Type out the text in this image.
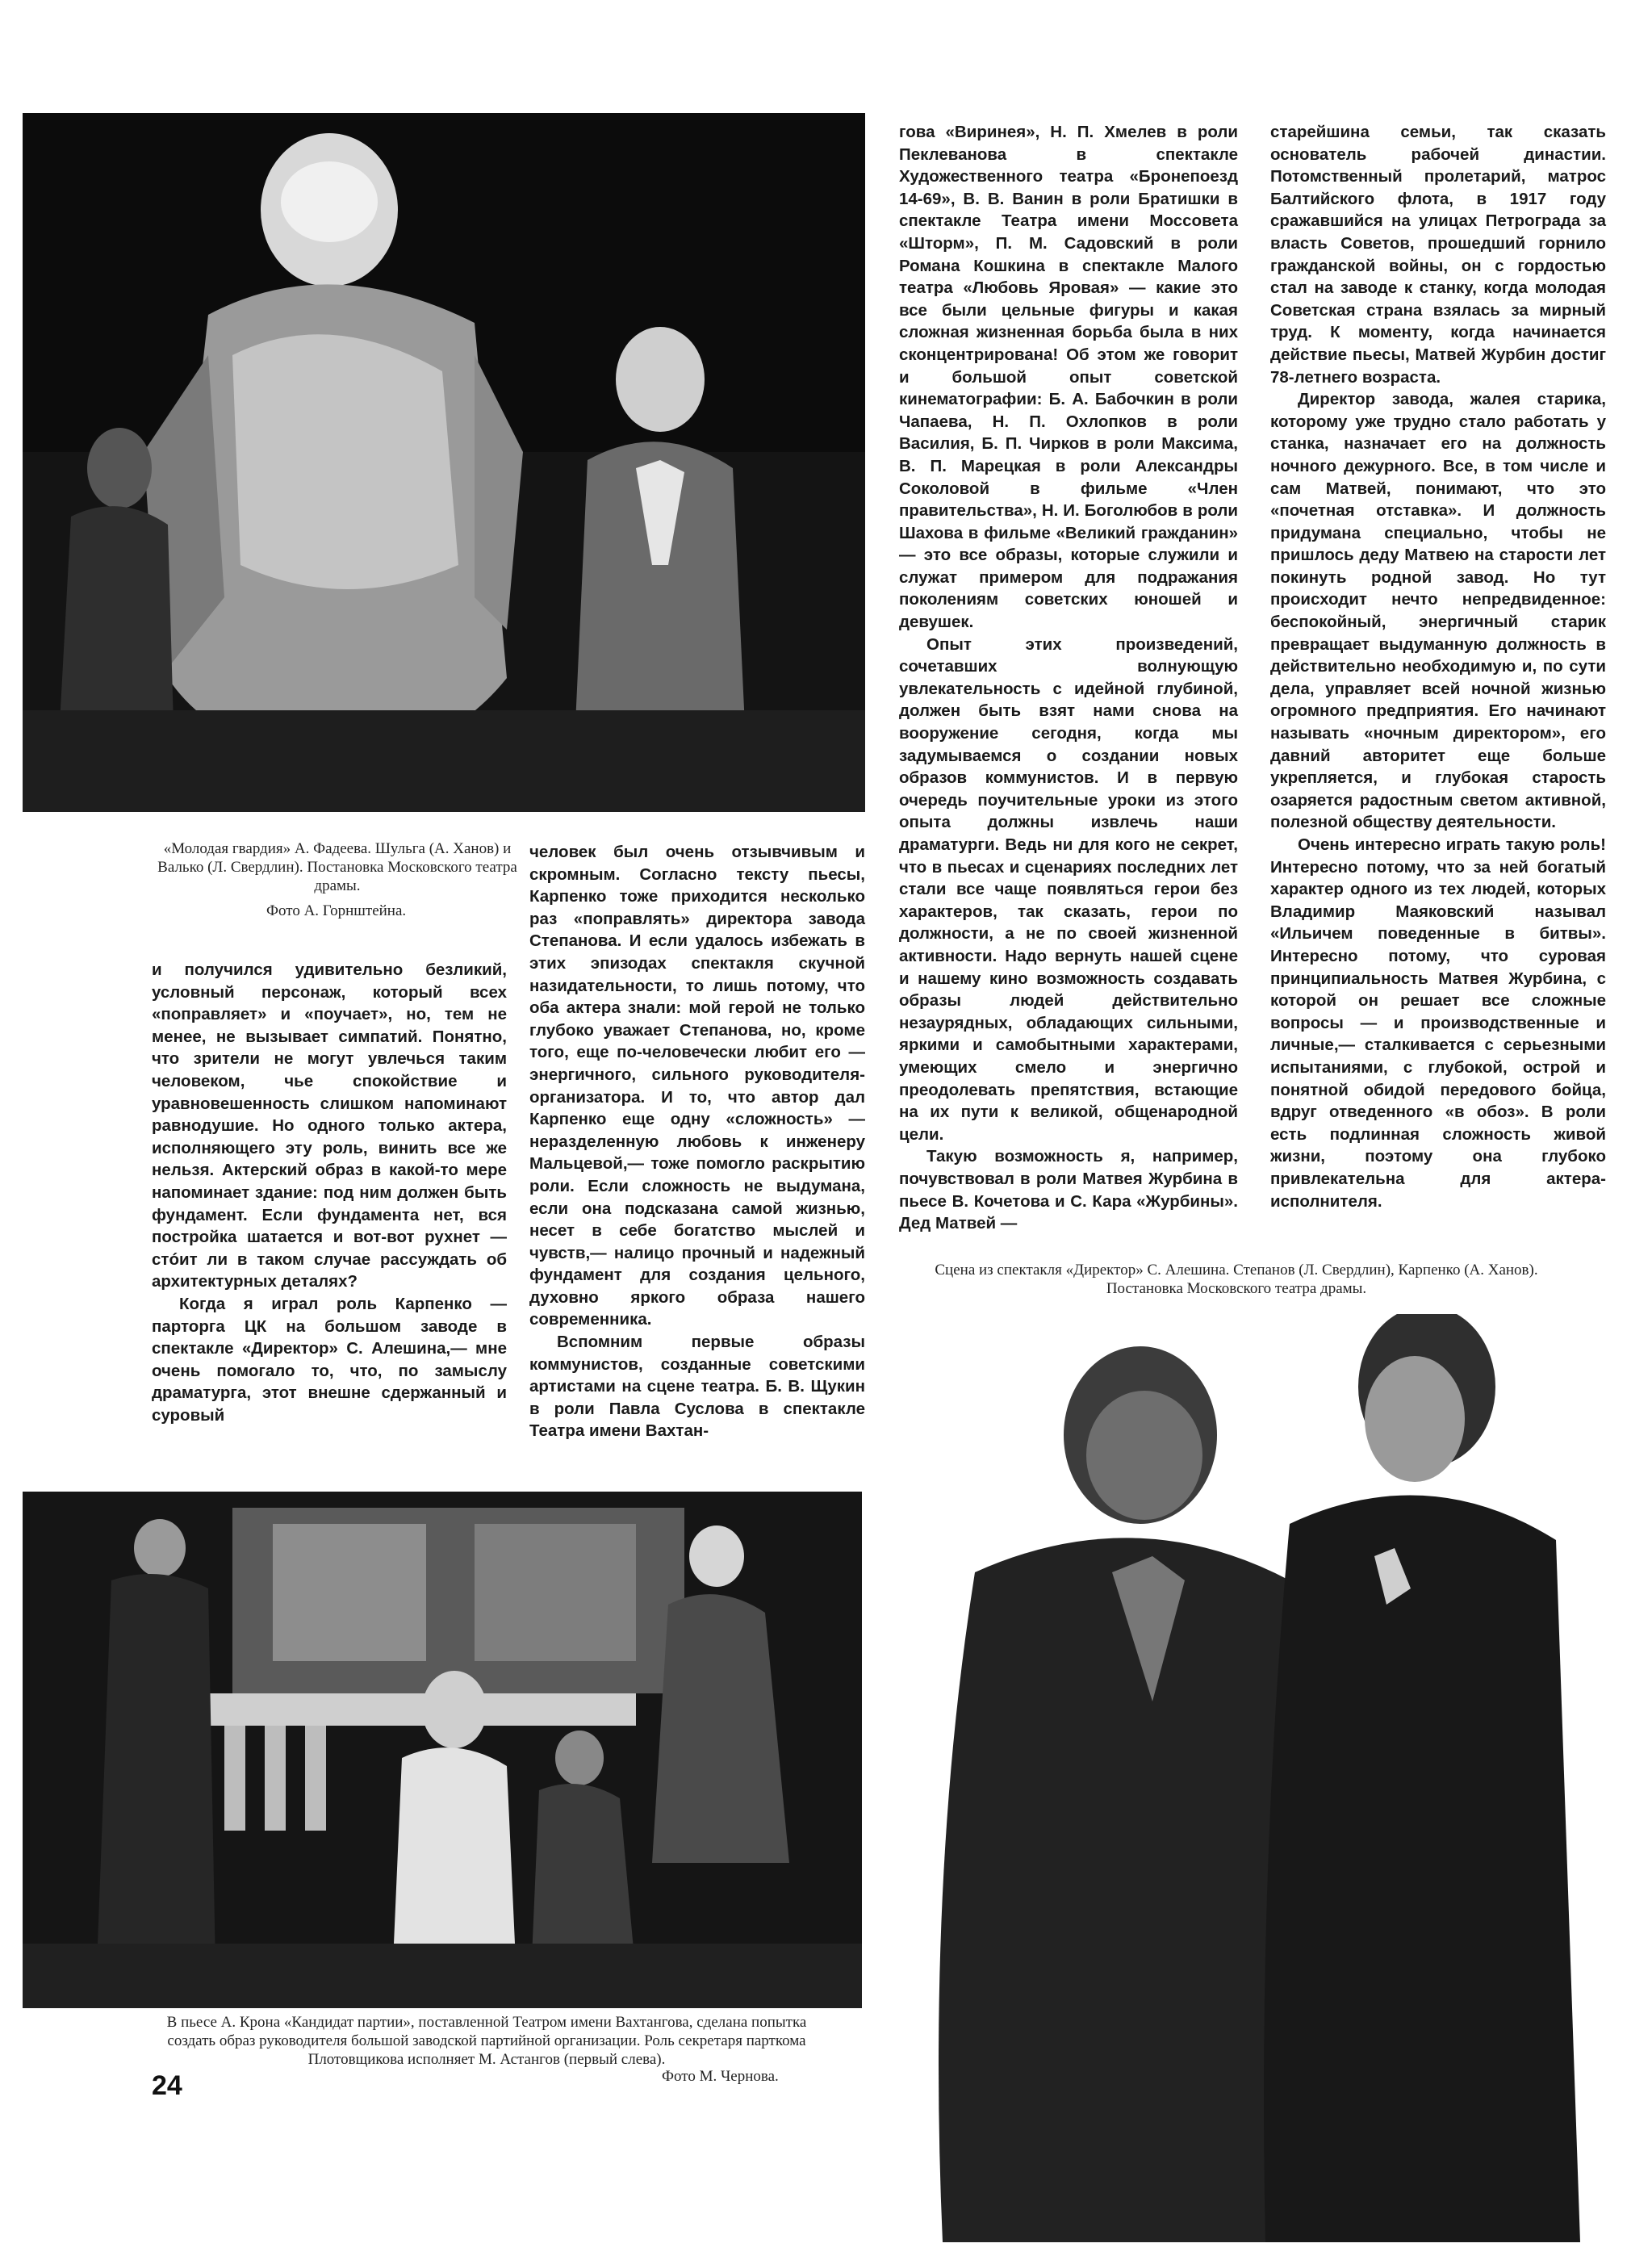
«Молодая гвардия» А. Фадеева. Шульга (А. Ханов) и Валько (Л. Свердлин). Постановка Московского театра драмы.
Фото А. Горнштейна.

и получился удивительно безликий, условный персонаж, который всех «поправляет» и «поучает», но, тем не менее, не вызывает симпатий. Понятно, что зрители не могут увлечься таким человеком, чье спокойствие и уравновешенность слишком напоминают равнодушие. Но одного только актера, исполняющего эту роль, винить все же нельзя. Актерский образ в какой-то мере напоминает здание: под ним должен быть фундамент. Если фундамента нет, вся постройка шатается и вот-вот рухнет — стóит ли в таком случае рассуждать об архитектурных деталях?

Когда я играл роль Карпенко — парторга ЦК на большом заводе в спектакле «Директор» С. Алешина,— мне очень помогало то, что, по замыслу драматурга, этот внешне сдержанный и суровый

человек был очень отзывчивым и скромным. Согласно тексту пьесы, Карпенко тоже приходится несколько раз «поправлять» директора завода Степанова. И если удалось избежать в этих эпизодах спектакля скучной назидательности, то лишь потому, что оба актера знали: мой герой не только глубоко уважает Степанова, но, кроме того, еще по-человечески любит его — энергичного, сильного руководителя-организатора. И то, что автор дал Карпенко еще одну «сложность» — неразделенную любовь к инженеру Мальцевой,— тоже помогло раскрытию роли. Если сложность не выдумана, если она подсказана самой жизнью, несет в себе богатство мыслей и чувств,— налицо прочный и надежный фундамент для создания цельного, духовно яркого образа нашего современника.

Вспомним первые образы коммунистов, созданные советскими артистами на сцене театра. Б. В. Щукин в роли Павла Суслова в спектакле Театра имени Вахтан-

гова «Виринея», Н. П. Хмелев в роли Пеклеванова в спектакле Художественного театра «Бронепоезд 14-69», В. В. Ванин в роли Братишки в спектакле Театра имени Моссовета «Шторм», П. М. Садовский в роли Романа Кошкина в спектакле Малого театра «Любовь Яровая» — какие это все были цельные фигуры и какая сложная жизненная борьба была в них сконцентрирована! Об этом же говорит и большой опыт советской кинематографии: Б. А. Бабочкин в роли Чапаева, Н. П. Охлопков в роли Василия, Б. П. Чирков в роли Максима, В. П. Марецкая в роли Александры Соколовой в фильме «Член правительства», Н. И. Боголюбов в роли Шахова в фильме «Великий гражданин» — это все образы, которые служили и служат примером для подражания поколениям советских юношей и девушек.

Опыт этих произведений, сочетавших волнующую увлекательность с идейной глубиной, должен быть взят нами снова на вооружение сегодня, когда мы задумываемся о создании новых образов коммунистов. И в первую очередь поучительные уроки из этого опыта должны извлечь наши драматурги. Ведь ни для кого не секрет, что в пьесах и сценариях последних лет стали все чаще появляться герои без характеров, так сказать, герои по должности, а не по своей жизненной активности. Надо вернуть нашей сцене и нашему кино возможность создавать образы людей действительно незаурядных, обладающих сильными, яркими и самобытными характерами, умеющих смело и энергично преодолевать препятствия, встающие на их пути к великой, общенародной цели.

Такую возможность я, например, почувствовал в роли Матвея Журбина в пьесе В. Кочетова и С. Кара «Журбины». Дед Матвей —

старейшина семьи, так сказать основатель рабочей династии. Потомственный пролетарий, матрос Балтийского флота, в 1917 году сражавшийся на улицах Петрограда за власть Советов, прошедший горнило гражданской войны, он с гордостью стал на заводе к станку, когда молодая Советская страна взялась за мирный труд. К моменту, когда начинается действие пьесы, Матвей Журбин достиг 78-летнего возраста.

Директор завода, жалея старика, которому уже трудно стало работать у станка, назначает его на должность ночного дежурного. Все, в том числе и сам Матвей, понимают, что это «почетная отставка». И должность придумана специально, чтобы не пришлось деду Матвею на старости лет покинуть родной завод. Но тут происходит нечто непредвиденное: беспокойный, энергичный старик превращает выдуманную должность в действительно необходимую и, по сути дела, управляет всей ночной жизнью огромного предприятия. Его начинают называть «ночным директором», его давний авторитет еще больше укрепляется, и глубокая старость озаряется радостным светом активной, полезной обществу деятельности.

Очень интересно играть такую роль! Интересно потому, что за ней богатый характер одного из тех людей, которых Владимир Маяковский называл «Ильичем поведенные в битвы». Интересно потому, что суровая принципиальность Матвея Журбина, с которой он решает все сложные вопросы — и производственные и личные,— сталкивается с серьезными испытаниями, с глубокой, острой и понятной обидой передового бойца, вдруг отведенного «в обоз». В роли есть подлинная сложность живой жизни, поэтому она глубоко привлекательна для актера-исполнителя.

Сцена из спектакля «Директор» С. Алешина. Степанов (Л. Свердлин), Карпенко (А. Ханов). Постановка Московского театра драмы.
В пьесе А. Крона «Кандидат партии», поставленной Театром имени Вахтангова, сделана попытка создать образ руководителя большой заводской партийной организации. Роль секретаря парткома Плотовщикова исполняет М. Астангов (первый слева).
Фото М. Чернова.
24
